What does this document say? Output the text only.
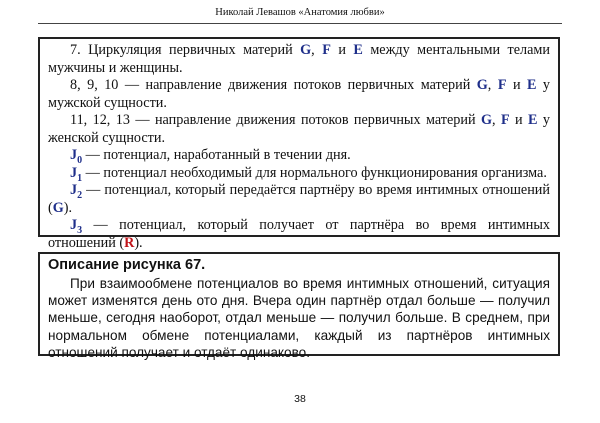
Николай Левашов «Анатомия любви»

7. Циркуляция первичных материй G, F и E между ментальными телами мужчины и женщины.

8, 9, 10 — направление движения потоков первичных материй G, F и E у мужской сущности.

11, 12, 13 — направление движения потоков первичных материй G, F и E у женской сущности.

$J_0$ — потенциал, наработанный в течении дня.

$J_1$ — потенциал необходимый для нормального функционирования организма.

$J_2$ — потенциал, который передаётся партнёру во время интимных отношений (G).

$J_3$ — потенциал, который получает от партнёра во время интимных отношений (R).

Описание рисунка 67.

При взаимообмене потенциалов во время интимных отношений, ситуация может изменятся день ото дня. Вчера один партнёр отдал больше — получил меньше, сегодня наоборот, отдал меньше — получил больше. В среднем, при нормальном обмене потенциалами, каждый из партнёров интимных отношений получает и отдаёт одинаково.

38
